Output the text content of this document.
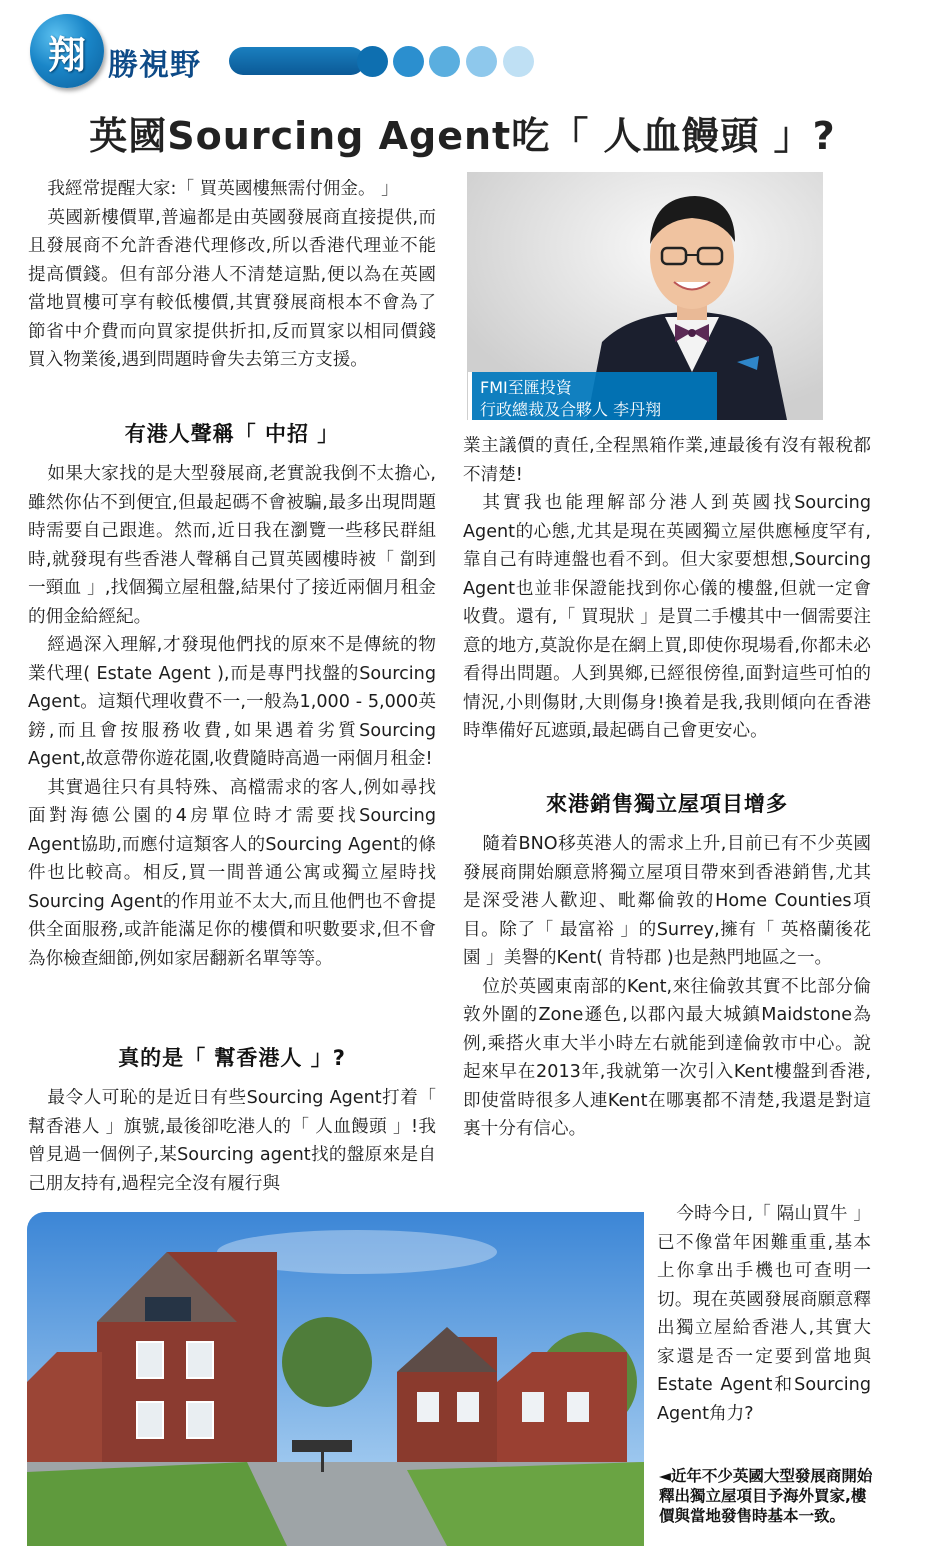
翔 勝視野
英國Sourcing Agent吃「 人血饅頭 」?

我經常提醒大家:「 買英國樓無需付佣金。 」

英國新樓價單,普遍都是由英國發展商直接提供,而且發展商不允許香港代理修改,所以香港代理並不能提高價錢。但有部分港人不清楚這點,便以為在英國當地買樓可享有較低樓價,其實發展商根本不會為了節省中介費而向買家提供折扣,反而買家以相同價錢買入物業後,遇到問題時會失去第三方支援。

有港人聲稱「 中招 」

如果大家找的是大型發展商,老實說我倒不太擔心,雖然你佔不到便宜,但最起碼不會被騙,最多出現問題時需要自己跟進。然而,近日我在瀏覽一些移民群組時,就發現有些香港人聲稱自己買英國樓時被「 劏到一頸血 」,找個獨立屋租盤,結果付了接近兩個月租金的佣金給經紀。

經過深入理解,才發現他們找的原來不是傳統的物業代理( Estate Agent ),而是專門找盤的Sourcing Agent。這類代理收費不一,一般為1,000 - 5,000英鎊,而且會按服務收費,如果遇着劣質Sourcing Agent,故意帶你遊花園,收費隨時高過一兩個月租金!

其實過往只有具特殊、高檔需求的客人,例如尋找面對海德公園的4房單位時才需要找Sourcing Agent協助,而應付這類客人的Sourcing Agent的條件也比較高。相反,買一間普通公寓或獨立屋時找Sourcing Agent的作用並不太大,而且他們也不會提供全面服務,或許能滿足你的樓價和呎數要求,但不會為你檢查細節,例如家居翻新名單等等。

真的是「 幫香港人 」?

最令人可恥的是近日有些Sourcing Agent打着「 幫香港人 」旗號,最後卻吃港人的「 人血饅頭 」!我曾見過一個例子,某Sourcing agent找的盤原來是自己朋友持有,過程完全沒有履行與

FMI至匯投資
行政總裁及合夥人 李丹翔

業主議價的責任,全程黑箱作業,連最後有沒有報稅都不清楚!

其實我也能理解部分港人到英國找Sourcing Agent的心態,尤其是現在英國獨立屋供應極度罕有,靠自己有時連盤也看不到。但大家要想想,Sourcing Agent也並非保證能找到你心儀的樓盤,但就一定會收費。還有,「 買現狀 」是買二手樓其中一個需要注意的地方,莫說你是在網上買,即使你現場看,你都未必看得出問題。人到異鄉,已經很傍徨,面對這些可怕的情況,小則傷財,大則傷身!換着是我,我則傾向在香港時準備好瓦遮頭,最起碼自己會更安心。

來港銷售獨立屋項目增多

隨着BNO移英港人的需求上升,目前已有不少英國發展商開始願意將獨立屋項目帶來到香港銷售,尤其是深受港人歡迎、毗鄰倫敦的Home Counties項目。除了「 最富裕 」的Surrey,擁有「 英格蘭後花園 」美譽的Kent( 肯特郡 )也是熱門地區之一。

位於英國東南部的Kent,來往倫敦其實不比部分倫敦外圍的Zone遜色,以郡內最大城鎮Maidstone為例,乘搭火車大半小時左右就能到達倫敦市中心。說起來早在2013年,我就第一次引入Kent樓盤到香港,即使當時很多人連Kent在哪裏都不清楚,我還是對這裏十分有信心。

今時今日,「 隔山買牛 」已不像當年困難重重,基本上你拿出手機也可查明一切。現在英國發展商願意釋出獨立屋給香港人,其實大家還是否一定要到當地與Estate Agent和Sourcing Agent角力?

◄近年不少英國大型發展商開始釋出獨立屋項目予海外買家,樓價與當地發售時基本一致。
